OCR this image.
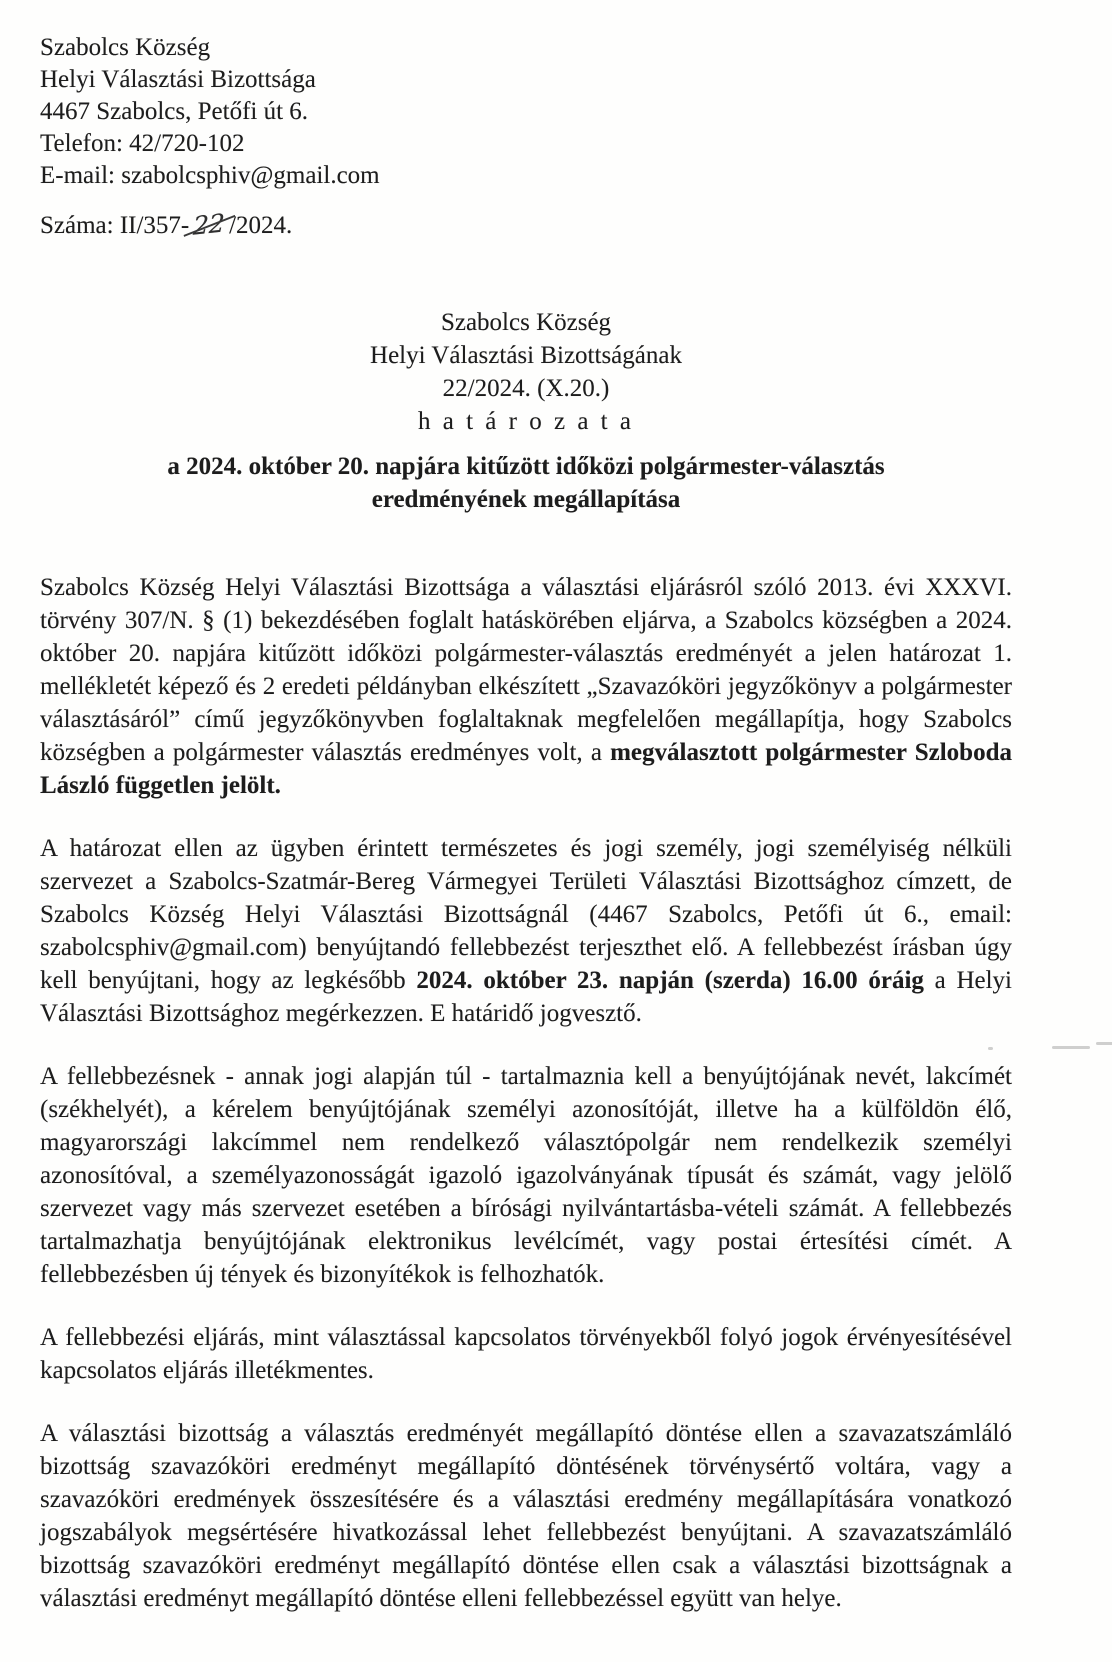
Szabolcs Község
Helyi Választási Bizottsága
4467 Szabolcs, Petőfi út 6.
Telefon: 42/720-102
E-mail: szabolcsphiv@gmail.com
Száma: II/357- 22 /2024.
Szabolcs Község
Helyi Választási Bizottságának
22/2024. (X.20.)
h a t á r o z a t a
a 2024. október 20. napjára kitűzött időközi polgármester-választás
eredményének megállapítása

Szabolcs Község Helyi Választási Bizottsága a választási eljárásról szóló 2013. évi XXXVI. törvény 307/N. § (1) bekezdésében foglalt hatáskörében eljárva, a Szabolcs községben a 2024. október 20. napjára kitűzött időközi polgármester-választás eredményét a jelen határozat 1. mellékletét képező és 2 eredeti példányban elkészített „Szavazóköri jegyzőkönyv a polgármester választásáról” című jegyzőkönyvben foglaltaknak megfelelően megállapítja, hogy Szabolcs községben a polgármester választás eredményes volt, a megválasztott polgármester Szloboda László független jelölt.

A határozat ellen az ügyben érintett természetes és jogi személy, jogi személyiség nélküli szervezet a Szabolcs-Szatmár-Bereg Vármegyei Területi Választási Bizottsághoz címzett, de Szabolcs Község Helyi Választási Bizottságnál (4467 Szabolcs, Petőfi út 6., email: szabolcsphiv@gmail.com) benyújtandó fellebbezést terjeszthet elő. A fellebbezést írásban úgy kell benyújtani, hogy az legkésőbb 2024. október 23. napján (szerda) 16.00 óráig a Helyi Választási Bizottsághoz megérkezzen. E határidő jogvesztő.

A fellebbezésnek - annak jogi alapján túl - tartalmaznia kell a benyújtójának nevét, lakcímét (székhelyét), a kérelem benyújtójának személyi azonosítóját, illetve ha a külföldön élő, magyarországi lakcímmel nem rendelkező választópolgár nem rendelkezik személyi azonosítóval, a személyazonosságát igazoló igazolványának típusát és számát, vagy jelölő szervezet vagy más szervezet esetében a bírósági nyilvántartásba-vételi számát. A fellebbezés tartalmazhatja benyújtójának elektronikus levélcímét, vagy postai értesítési címét. A fellebbezésben új tények és bizonyítékok is felhozhatók.

A fellebbezési eljárás, mint választással kapcsolatos törvényekből folyó jogok érvényesítésével kapcsolatos eljárás illetékmentes.

A választási bizottság a választás eredményét megállapító döntése ellen a szavazatszámláló bizottság szavazóköri eredményt megállapító döntésének törvénysértő voltára, vagy a szavazóköri eredmények összesítésére és a választási eredmény megállapítására vonatkozó jogszabályok megsértésére hivatkozással lehet fellebbezést benyújtani. A szavazatszámláló bizottság szavazóköri eredményt megállapító döntése ellen csak a választási bizottságnak a választási eredményt megállapító döntése elleni fellebbezéssel együtt van helye.
